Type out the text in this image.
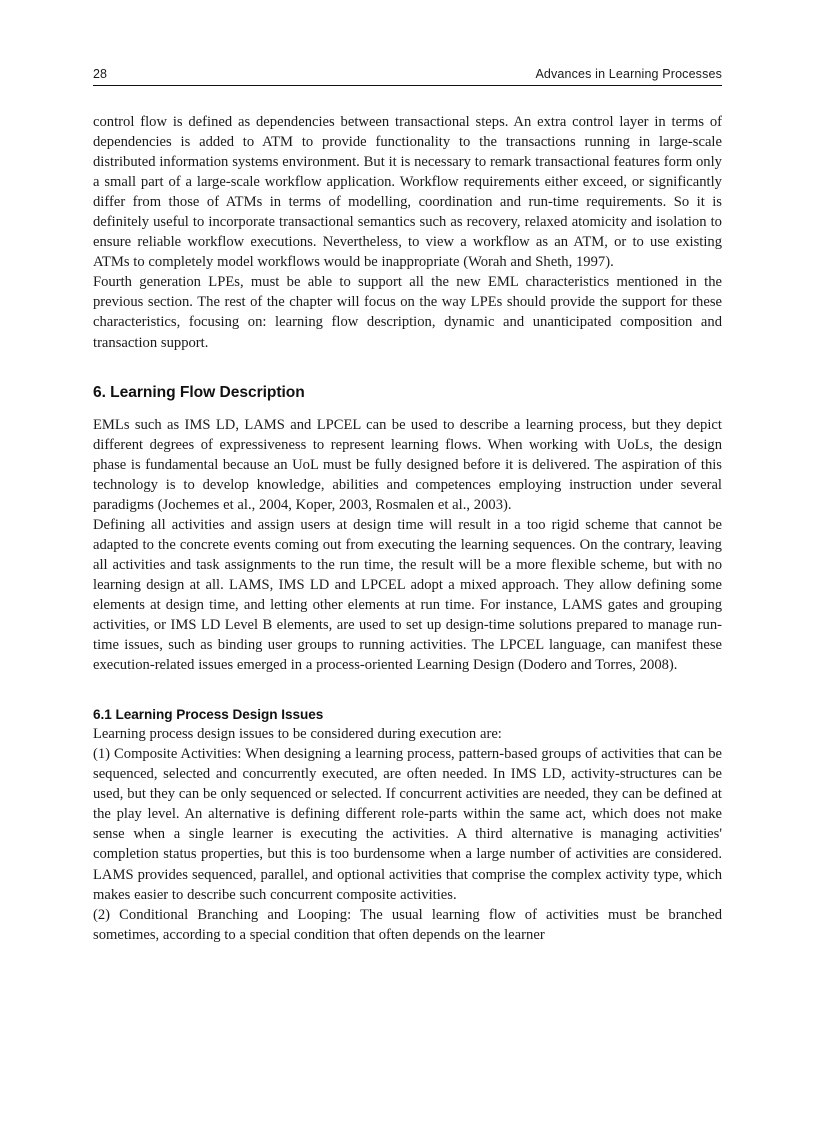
28	Advances in Learning Processes

control flow is defined as dependencies between transactional steps. An extra control layer in terms of dependencies is added to ATM to provide functionality to the transactions running in large-scale distributed information systems environment. But it is necessary to remark transactional features form only a small part of a large-scale workflow application. Workflow requirements either exceed, or significantly differ from those of ATMs in terms of modelling, coordination and run-time requirements. So it is definitely useful to incorporate transactional semantics such as recovery, relaxed atomicity and isolation to ensure reliable workflow executions. Nevertheless, to view a workflow as an ATM, or to use existing ATMs to completely model workflows would be inappropriate (Worah and Sheth, 1997).

Fourth generation LPEs, must be able to support all the new EML characteristics mentioned in the previous section. The rest of the chapter will focus on the way LPEs should provide the support for these characteristics, focusing on: learning flow description, dynamic and unanticipated composition and transaction support.

6. Learning Flow Description

EMLs such as IMS LD, LAMS and LPCEL can be used to describe a learning process, but they depict different degrees of expressiveness to represent learning flows. When working with UoLs, the design phase is fundamental because an UoL must be fully designed before it is delivered. The aspiration of this technology is to develop knowledge, abilities and competences employing instruction under several paradigms (Jochemes et al., 2004, Koper, 2003, Rosmalen et al., 2003).

Defining all activities and assign users at design time will result in a too rigid scheme that cannot be adapted to the concrete events coming out from executing the learning sequences. On the contrary, leaving all activities and task assignments to the run time, the result will be a more flexible scheme, but with no learning design at all. LAMS, IMS LD and LPCEL adopt a mixed approach. They allow defining some elements at design time, and letting other elements at run time. For instance, LAMS gates and grouping activities, or IMS LD Level B elements, are used to set up design-time solutions prepared to manage run-time issues, such as binding user groups to running activities. The LPCEL language, can manifest these execution-related issues emerged in a process-oriented Learning Design (Dodero and Torres, 2008).

6.1 Learning Process Design Issues

Learning process design issues to be considered during execution are:

(1) Composite Activities: When designing a learning process, pattern-based groups of activities that can be sequenced, selected and concurrently executed, are often needed. In IMS LD, activity-structures can be used, but they can be only sequenced or selected. If concurrent activities are needed, they can be defined at the play level. An alternative is defining different role-parts within the same act, which does not make sense when a single learner is executing the activities. A third alternative is managing activities' completion status properties, but this is too burdensome when a large number of activities are considered. LAMS provides sequenced, parallel, and optional activities that comprise the complex activity type, which makes easier to describe such concurrent composite activities.

(2) Conditional Branching and Looping: The usual learning flow of activities must be branched sometimes, according to a special condition that often depends on the learner
